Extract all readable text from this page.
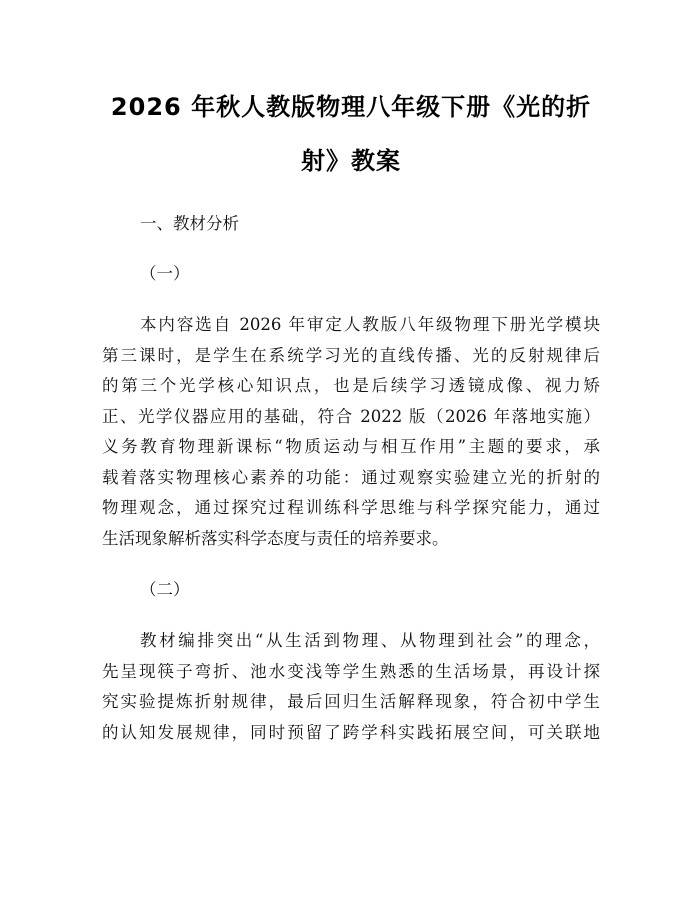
2026 年秋人教版物理八年级下册《光的折
射》教案
一、教材分析
（一）

本内容选自 2026 年审定人教版八年级物理下册光学模块
第三课时，是学生在系统学习光的直线传播、光的反射规律后
的第三个光学核心知识点，也是后续学习透镜成像、视力矫
正、光学仪器应用的基础，符合 2022 版（2026 年落地实施）
义务教育物理新课标“物质运动与相互作用”主题的要求，承
载着落实物理核心素养的功能：通过观察实验建立光的折射的
物理观念，通过探究过程训练科学思维与科学探究能力，通过
生活现象解析落实科学态度与责任的培养要求。

（二）

教材编排突出“从生活到物理、从物理到社会”的理念，
先呈现筷子弯折、池水变浅等学生熟悉的生活场景，再设计探
究实验提炼折射规律，最后回归生活解释现象，符合初中学生
的认知发展规律，同时预留了跨学科实践拓展空间，可关联地
